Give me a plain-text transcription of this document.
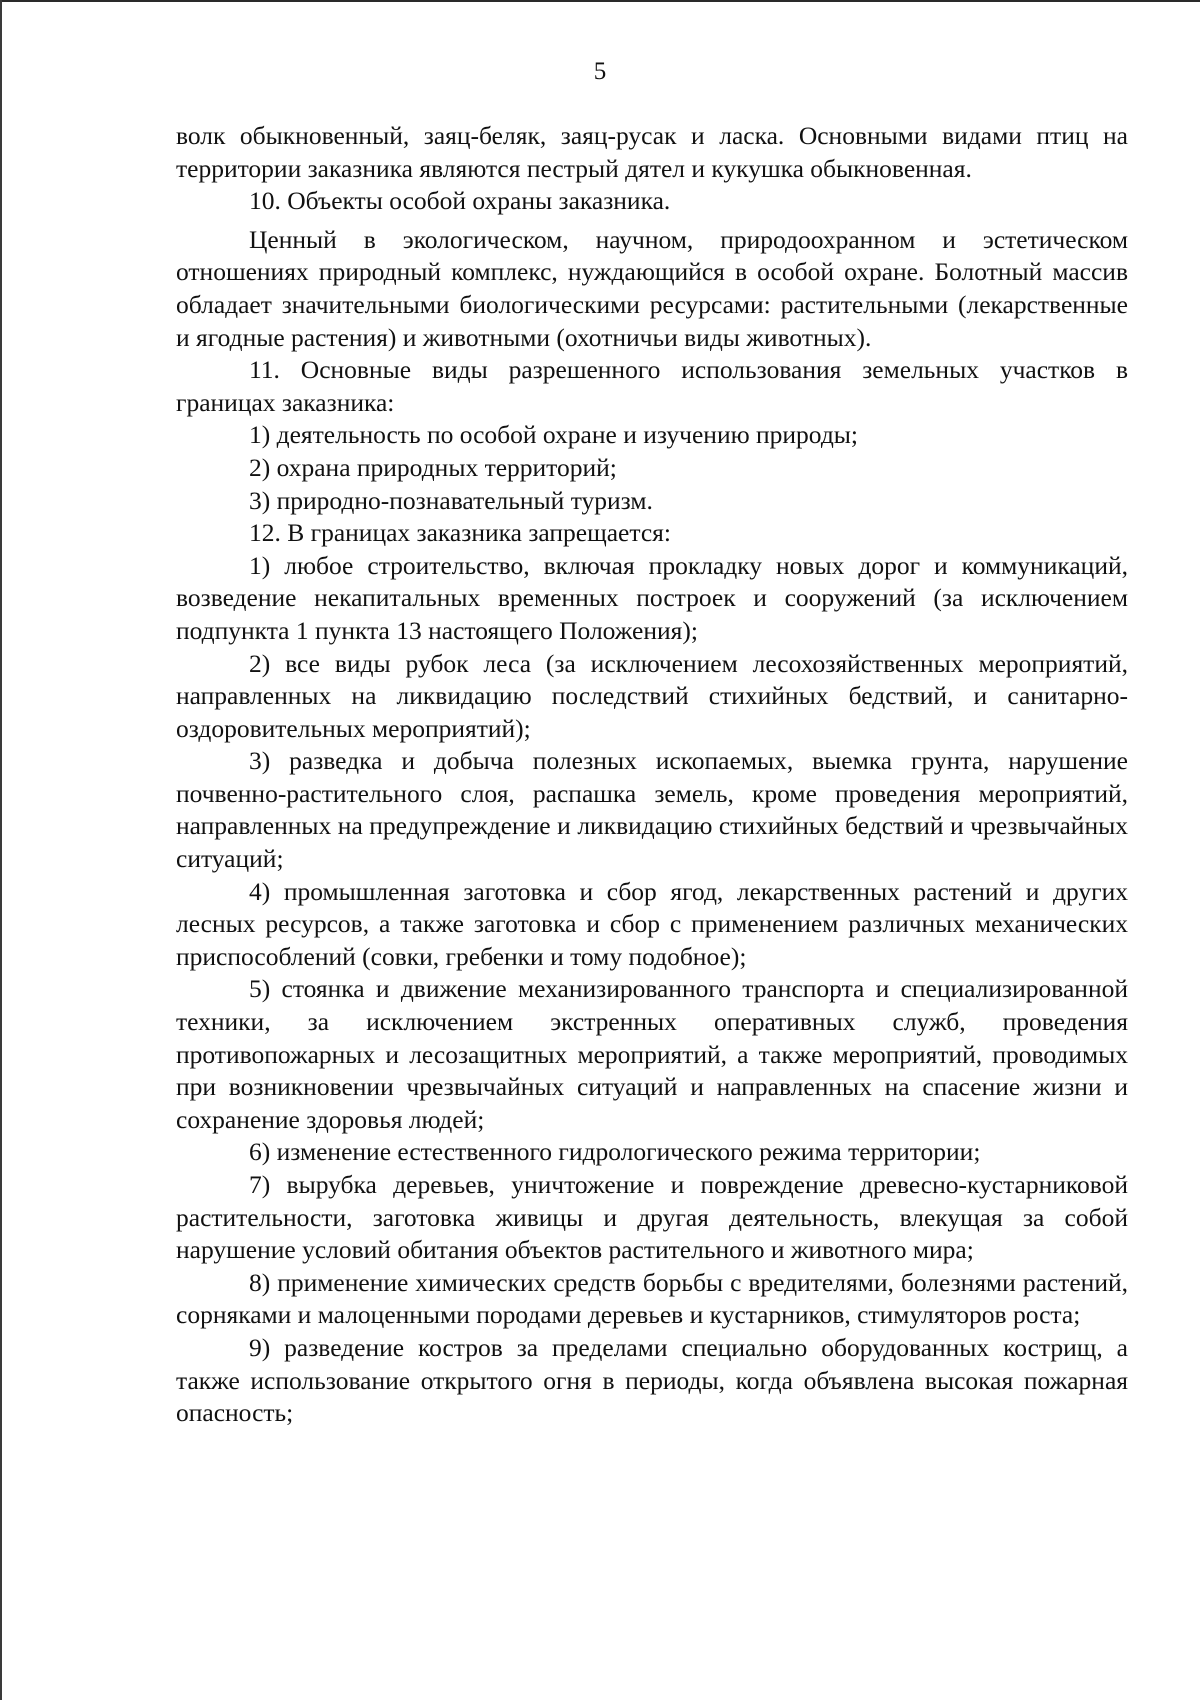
5

волк обыкновенный, заяц-беляк, заяц-русак и ласка. Основными видами птиц на территории заказника являются пестрый дятел и кукушка обыкновенная.

10. Объекты особой охраны заказника.

Ценный в экологическом, научном, природоохранном и эстетическом отношениях природный комплекс, нуждающийся в особой охране. Болотный массив обладает значительными биологическими ресурсами: растительными (лекарственные и ягодные растения) и животными (охотничьи виды животных).

11. Основные виды разрешенного использования земельных участков в границах заказника:

1) деятельность по особой охране и изучению природы;

2) охрана природных территорий;

3) природно-познавательный туризм.

12. В границах заказника запрещается:

1) любое строительство, включая прокладку новых дорог и коммуникаций, возведение некапитальных временных построек и сооружений (за исключением подпункта 1 пункта 13 настоящего Положения);

2) все виды рубок леса (за исключением лесохозяйственных мероприятий, направленных на ликвидацию последствий стихийных бедствий, и санитарно-оздоровительных мероприятий);

3) разведка и добыча полезных ископаемых, выемка грунта, нарушение почвенно-растительного слоя, распашка земель, кроме проведения мероприятий, направленных на предупреждение и ликвидацию стихийных бедствий и чрезвычайных ситуаций;

4) промышленная заготовка и сбор ягод, лекарственных растений и других лесных ресурсов, а также заготовка и сбор с применением различных механических приспособлений (совки, гребенки и тому подобное);

5) стоянка и движение механизированного транспорта и специализированной техники, за исключением экстренных оперативных служб, проведения противопожарных и лесозащитных мероприятий, а также мероприятий, проводимых при возникновении чрезвычайных ситуаций и направленных на спасение жизни и сохранение здоровья людей;

6) изменение естественного гидрологического режима территории;

7) вырубка деревьев, уничтожение и повреждение древесно-кустарниковой растительности, заготовка живицы и другая деятельность, влекущая за собой нарушение условий обитания объектов растительного и животного мира;

8) применение химических средств борьбы с вредителями, болезнями растений, сорняками и малоценными породами деревьев и кустарников, стимуляторов роста;

9) разведение костров за пределами специально оборудованных кострищ, а также использование открытого огня в периоды, когда объявлена высокая пожарная опасность;
